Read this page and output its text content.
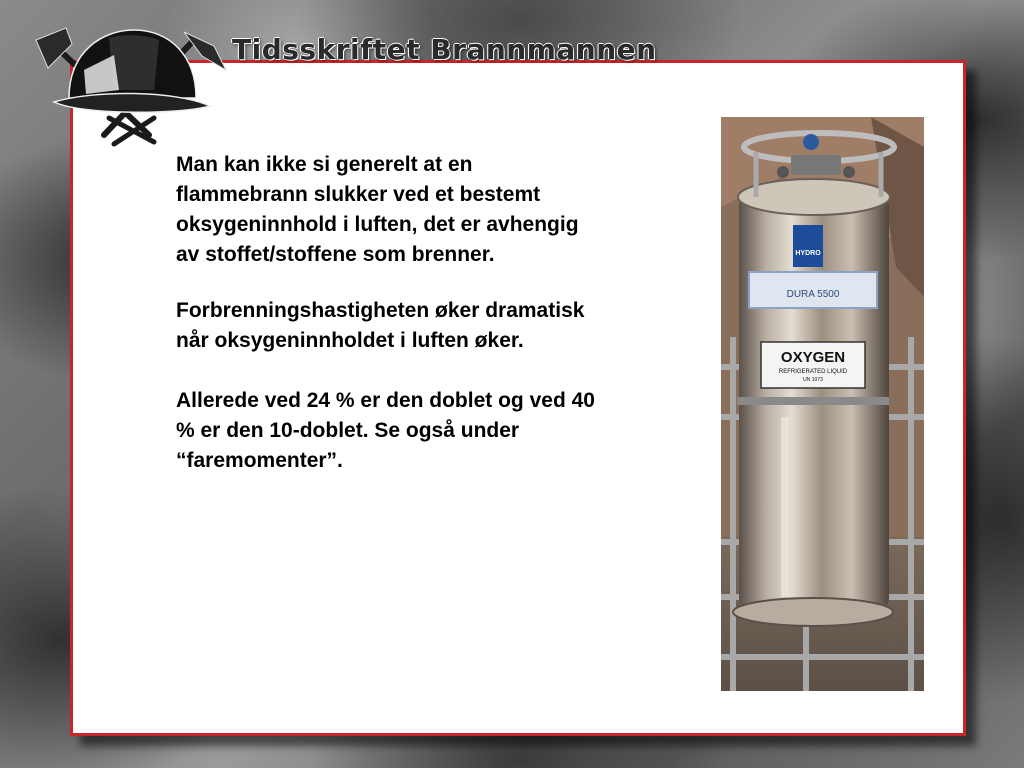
Tidsskriftet Brannmannen

Man kan ikke si generelt at en
flammebrann slukker ved et bestemt
oksygeninnhold i luften, det er avhengig
av stoffet/stoffene som brenner.

Forbrenningshastigheten øker dramatisk
når oksygeninnholdet i luften øker.

Allerede ved 24 % er den doblet og ved 40
% er den 10-doblet. Se også under
“faremomenter”.

HYDRO
DURA 5500
OXYGEN
REFRIGERATED LIQUID
UN 1073
